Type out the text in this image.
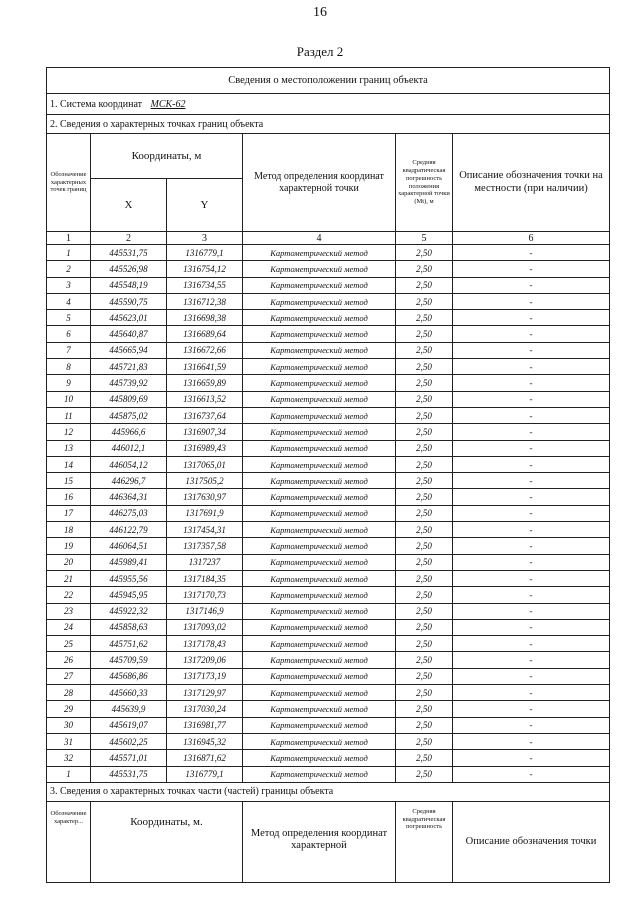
16
Раздел 2
Сведения о местоположении границ объекта					
1. Система координат МСК-62					
2. Сведения о характерных точках границ объекта					
Обозначение характерных точек границ	Координаты, м		Метод определения координат характерной точки	Средняя квадратическая погрешность положения характерной точки (Mt), м	Описание обозначения точки на местности (при наличии)
	X	Y			
1	2	3	4	5	6
1	445531,75	1316779,1	Картометрический метод	2,50	-
2	445526,98	1316754,12	Картометрический метод	2,50	-
3	445548,19	1316734,55	Картометрический метод	2,50	-
4	445590,75	1316712,38	Картометрический метод	2,50	-
5	445623,01	1316698,38	Картометрический метод	2,50	-
6	445640,87	1316689,64	Картометрический метод	2,50	-
7	445665,94	1316672,66	Картометрический метод	2,50	-
8	445721,83	1316641,59	Картометрический метод	2,50	-
9	445739,92	1316659,89	Картометрический метод	2,50	-
10	445809,69	1316613,52	Картометрический метод	2,50	-
11	445875,02	1316737,64	Картометрический метод	2,50	-
12	445966,6	1316907,34	Картометрический метод	2,50	-
13	446012,1	1316989,43	Картометрический метод	2,50	-
14	446054,12	1317065,01	Картометрический метод	2,50	-
15	446296,7	1317505,2	Картометрический метод	2,50	-
16	446364,31	1317630,97	Картометрический метод	2,50	-
17	446275,03	1317691,9	Картометрический метод	2,50	-
18	446122,79	1317454,31	Картометрический метод	2,50	-
19	446064,51	1317357,58	Картометрический метод	2,50	-
20	445989,41	1317237	Картометрический метод	2,50	-
21	445955,56	1317184,35	Картометрический метод	2,50	-
22	445945,95	1317170,73	Картометрический метод	2,50	-
23	445922,32	1317146,9	Картометрический метод	2,50	-
24	445858,63	1317093,02	Картометрический метод	2,50	-
25	445751,62	1317178,43	Картометрический метод	2,50	-
26	445709,59	1317209,06	Картометрический метод	2,50	-
27	445686,86	1317173,19	Картометрический метод	2,50	-
28	445660,33	1317129,97	Картометрический метод	2,50	-
29	445639,9	1317030,24	Картометрический метод	2,50	-
30	445619,07	1316981,77	Картометрический метод	2,50	-
31	445602,25	1316945,32	Картометрический метод	2,50	-
32	445571,01	1316871,62	Картометрический метод	2,50	-
1	445531,75	1316779,1	Картометрический метод	2,50	-
3. Сведения о характерных точках части (частей) границы объекта					
Обозначение характер...	Координаты, м.		Метод определения координат характерной	Средняя квадратическая погрешность	Описание обозначения точки
